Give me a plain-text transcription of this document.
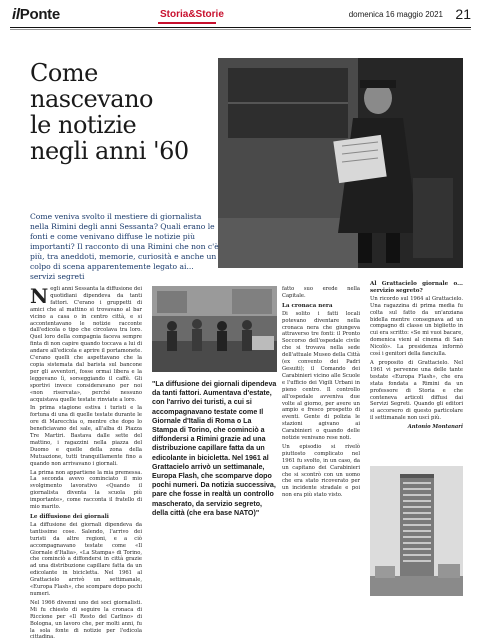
ilPonte	Storia&Storie	domenica 16 maggio 2021 21
Come
nascevano
le notizie
negli anni '60

Come veniva svolto il mestiere di giornalista nella Rimini degli anni Sessanta? Quali erano le fonti e come venivano diffuse le notizie più importanti? Il racconto di una Rimini che non c'è più, tra aneddoti, memorie, curiosità e anche un colpo di scena apparentemente legato ai... servizi segreti

N egli anni Sessanta la diffusione dei quotidiani dipendeva da tanti fattori. C'erano i gruppetti di amici che al mattino si trovavano al bar vicino a casa o in centro città, e si accontentavano le notizie racconte dall'edicola o tipo che circolava tra loro. Quel loro della compagnia faceva sempre finta di non capire quando toccava a lui di andare all'edicola e aprire il portamonete. C'erano quelli che aspettavano che la copia sistemata dal barista sul bancone per gli avventori, fosse ormai libera e la leggevano lì, sorseggiando il caffè. Gli sportivi invece consideravano per noi «non riservata», perché nessuno acquistava quelle testate rinviate a loro.
In prima stagione estiva i turisti e la fortuna di una di quelle testate durante le ore di Marecchia o, mentre che dopo lo beneficiavano del sale, all'alba di Piazza Tre Martiri. Bastava dalle sette del mattino, i ragazzini nella piazza del Duomo e quelle della zona della Mutuazione, tutti tranquillamente fino a quando non arrivavano i giornali.
La prima non appartiene la mia premessa. La seconda avevo cominciato il mio svolgimento lavorativo «Quando il giornalista diventa la scuola più importante», come racconta il fratello di mio marito.
Le diffusione dei giornali
La diffusione dei giornali dipendeva da tantissime cose. Salendo, l'arrivo dei turisti da altre regioni, e a ciò accompagnavano testate come «Il Giornale d'Italia», «La Stampa» di Torino, che cominciò a diffondersi in città grazie ad una distribuzione capillare fatta da un edicolante in bicicletta. Nel 1961 al Grattacielo arrivò un settimanale, «Europa Flash», che scompare dopo pochi numeri.
Nel 1966 divenni uno dei soci giornalisti. Mi fu chiesto di seguire la cronaca di Riccione per «Il Resto del Carlino» di Bologna, un lavoro che, per molti anni, fu la sola fonte di notizie per l'edicola cittadina.
"La diffusione dei giornali dipendeva da tanti fattori. Aumentava d'estate, con l'arrivo dei turisti, a cui si accompagnavano testate come Il Giornale d'Italia di Roma o La Stampa di Torino, che cominciò a diffondersi a Rimini grazie ad una distribuzione capillare fatta da un edicolante in bicicletta. Nel 1961 al Grattacielo arrivò un settimanale, Europa Flash, che scomparve dopo pochi numeri. Da notizia successiva, pare che fosse in realtà un controllo mascherato, da servizio segreto, della città (che era base NATO)"
fatto suo erede nella Capitale.
La cronaca nera
Di solito i fatti locali potevano diventare nella cronaca nera che giungeva attraverso tre fonti: il Pronto Soccorso dell'ospedale civile che si trovava nella sede dell'attuale Museo della Città (ex convento dei Padri Gesuiti); il Comando dei Carabinieri vicino alle Scuole e l'ufficio dei Vigili Urbani in pieno centro. Il controllo all'ospedale avveniva due volte al giorno, per avere un ampio e fresco prospetto di eventi. Gente di polizia le stazioni agivano ai Carabinieri o quando delle notizie venivano rese noti.
Un episodio si rivelò piuttosto complicato nel 1961 fu svolto, in un caso, da un capitano dei Carabinieri che si scontrò con un uomo che era stato ricoverato per un incidente stradale e poi non era più stato visto.
Al Grattacielo giornale o... servizio segreto?
Un ricordo sul 1964 al Grattacielo. Una ragazzina di prima media fu colta sul fatto da un'anziana bidella mentre consegnava ad un compagno di classe un biglietto in cui era scritto: «Se mi vuoi bacare, domenica vieni al cinema di San Nicolò». La presidenza informò così i genitori della fanciulla.
A proposito di Grattacielo. Nel 1961 vi pervenne una delle tante testate «Europa Flash», che era stata fondata a Rimini da un professore di Storia e che conteneva articoli diffusi dai Servizi Segreti. Quando gli editori si accorsero di questo particolare il settimanale non uscì più.
Antonio Montanari
